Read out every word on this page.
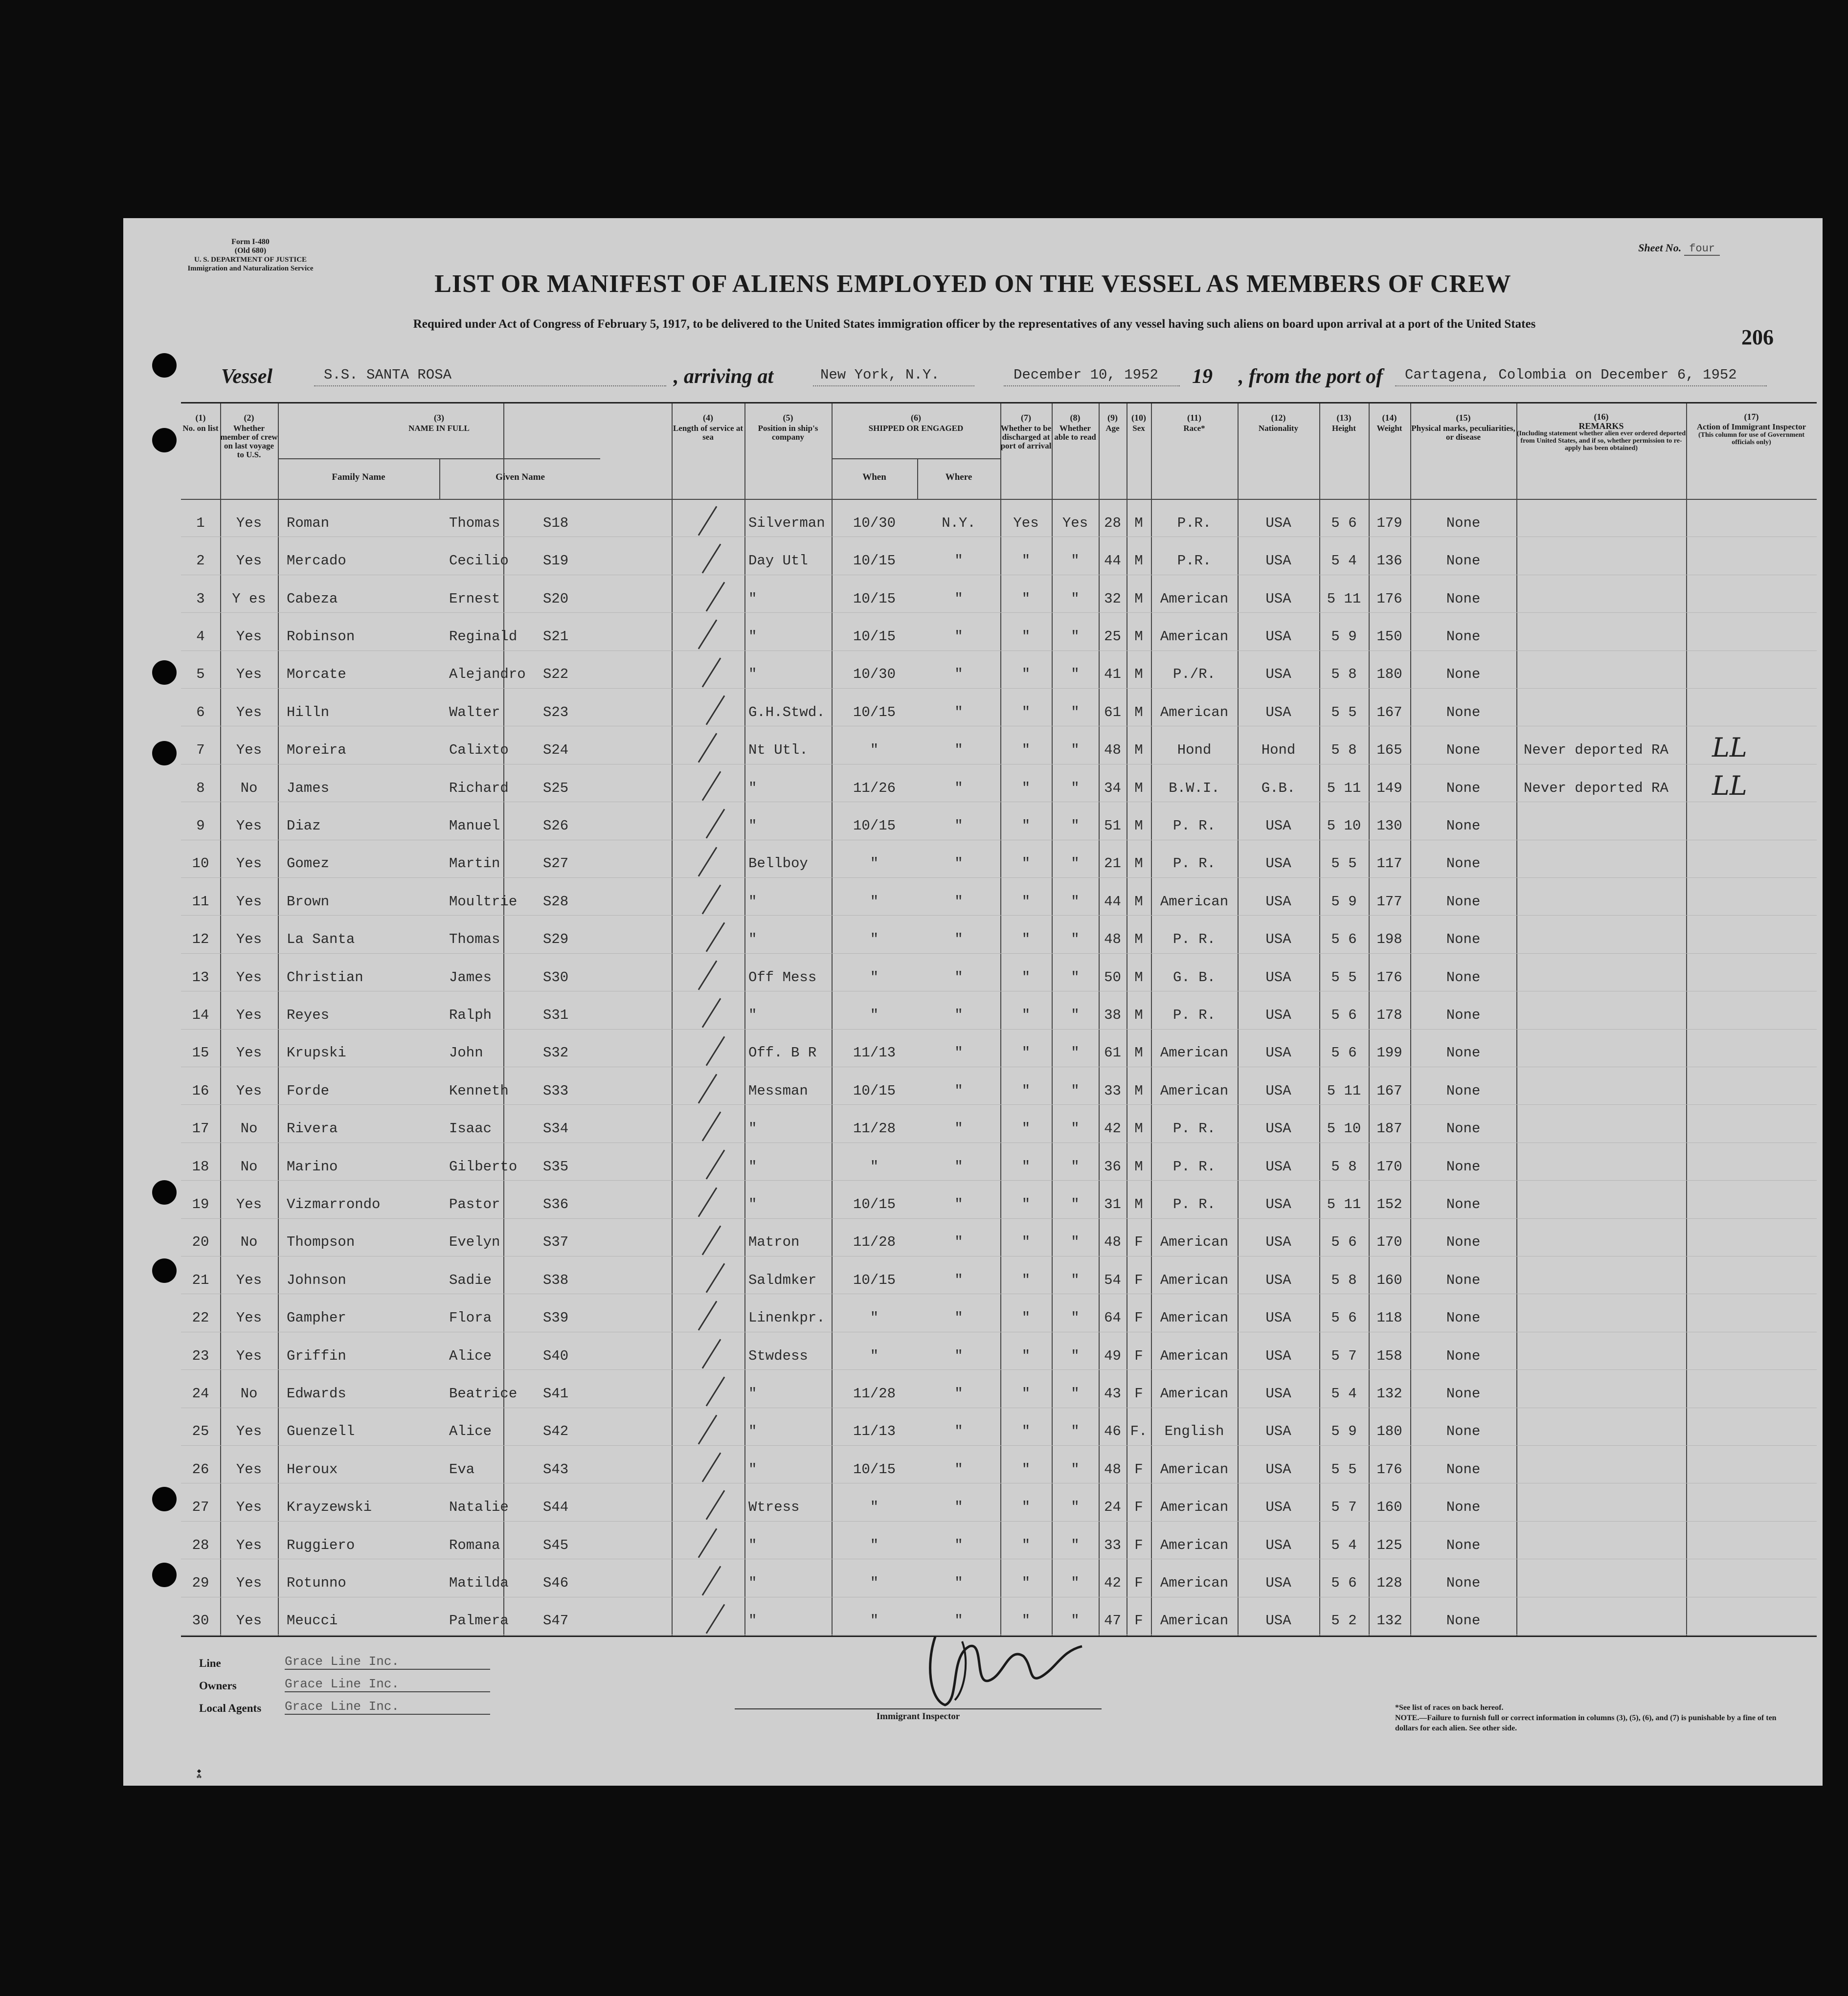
Form I-480
(Old 680)
U. S. DEPARTMENT OF JUSTICE
Immigration and Naturalization Service
Sheet No. four
LIST OR MANIFEST OF ALIENS EMPLOYED ON THE VESSEL AS MEMBERS OF CREW
Required under Act of Congress of February 5, 1917, to be delivered to the United States immigration officer by the representatives of any vessel having such aliens on board upon arrival at a port of the United States
206
Vessel	S.S. SANTA ROSA	, arriving at	New York, N.Y.	December 10, 1952 19 , from the port of Cartagena, Colombia on December 6, 1952
(1)
No. on list
(2)
Whether member of crew on last voyage to U.S.
(3)
NAME IN FULL
Family Name	Given Name
(4)
Length of service at sea
(5)
Position in ship's company
(6)
SHIPPED OR ENGAGED
When	Where
(7)
Whether to be discharged at port of arrival
(8)
Whether able to read
(9)
Age
(10)
Sex
(11)
Race*
(12)
Nationality
(13)
Height
(14)
Weight
(15)
Physical marks, peculiarities, or disease
(16)
REMARKS
(Including statement whether alien ever ordered deported from United States, and if so, whether permission to re-apply has been obtained)
(17)
Action of Immigrant Inspector
(This column for use of Government officials only)
1	Yes	Roman	Thomas	S18	Silverman	10/30	N.Y.	Yes	Yes	28 M	P.R.	USA	5 6	179	None
2	Yes	Mercado	Cecilio	S19	Day Utl	10/15	"	"	"	44 M	P.R.	USA	5 4	136	None
3	Y es	Cabeza	Ernest	S20	"	10/15	"	"	"	32 M	American	USA	5 11	176	None
4	Yes	Robinson	Reginald	S21	"	10/15	"	"	"	25 M	American	USA	5 9	150	None
5	Yes	Morcate	Alejandro	S22	"	10/30	"	"	"	41 M	P./R.	USA	5 8	180	None
6	Yes	Hilln	Walter	S23	G.H.Stwd.	10/15	"	"	"	61 M	American	USA	5 5	167	None
7	Yes	Moreira	Calixto	S24	Nt Utl.	"	"	"	"	48 M	Hond	Hond	5 8	165	None	Never deported RA	LL
8	No	James	Richard	S25	"	11/26	"	"	"	34 M	B.W.I.	G.B.	5 11	149	None	Never deported RA	LL
9	Yes	Diaz	Manuel	S26	"	10/15	"	"	"	51 M	P. R.	USA	5 10	130	None
10	Yes	Gomez	Martin	S27	Bellboy	"	"	"	"	21 M	P. R.	USA	5 5	117	None
11	Yes	Brown	Moultrie	S28	"	"	"	"	"	44 M	American	USA	5 9	177	None
12	Yes	La Santa	Thomas	S29	"	"	"	"	"	48 M	P. R.	USA	5 6	198	None
13	Yes	Christian	James	S30	Off Mess	"	"	"	"	50 M	G. B.	USA	5 5	176	None
14	Yes	Reyes	Ralph	S31	"	"	"	"	"	38 M	P. R.	USA	5 6	178	None
15	Yes	Krupski	John	S32	Off. B R	11/13	"	"	"	61 M	American	USA	5 6	199	None
16	Yes	Forde	Kenneth	S33	Messman	10/15	"	"	"	33 M	American	USA	5 11	167	None
17	No	Rivera	Isaac	S34	"	11/28	"	"	"	42 M	P. R.	USA	5 10	187	None
18	No	Marino	Gilberto	S35	"	"	"	"	"	36 M	P. R.	USA	5 8	170	None
19	Yes	Vizmarrondo	Pastor	S36	"	10/15	"	"	"	31 M	P. R.	USA	5 11	152	None
20	No	Thompson	Evelyn	S37	Matron	11/28	"	"	"	48 F	American	USA	5 6	170	None
21	Yes	Johnson	Sadie	S38	Saldmker	10/15	"	"	"	54 F	American	USA	5 8	160	None
22	Yes	Gampher	Flora	S39	Linenkpr.	"	"	"	"	64 F	American	USA	5 6	118	None
23	Yes	Griffin	Alice	S40	Stwdess	"	"	"	"	49 F	American	USA	5 7	158	None
24	No	Edwards	Beatrice	S41	"	11/28	"	"	"	43 F	American	USA	5 4	132	None
25	Yes	Guenzell	Alice	S42	"	11/13	"	"	"	46 F.	English	USA	5 9	180	None
26	Yes	Heroux	Eva	S43	"	10/15	"	"	"	48 F	American	USA	5 5	176	None
27	Yes	Krayzewski	Natalie	S44	Wtress	"	"	"	"	24 F	American	USA	5 7	160	None
28	Yes	Ruggiero	Romana	S45	"	"	"	"	"	33 F	American	USA	5 4	125	None
29	Yes	Rotunno	Matilda	S46	"	"	"	"	"	42 F	American	USA	5 6	128	None
30	Yes	Meucci	Palmera	S47	"	"	"	"	"	47 F	American	USA	5 2	132	None
Line	Grace Line Inc.
Owners	Grace Line Inc.
Local Agents Grace Line Inc.
Immigrant Inspector
*See list of races on back hereof.
NOTE.—Failure to furnish full or correct information in columns (3), (5), (6), and (7) is punishable by a fine of ten dollars for each alien. See other side.
◆
⁂
